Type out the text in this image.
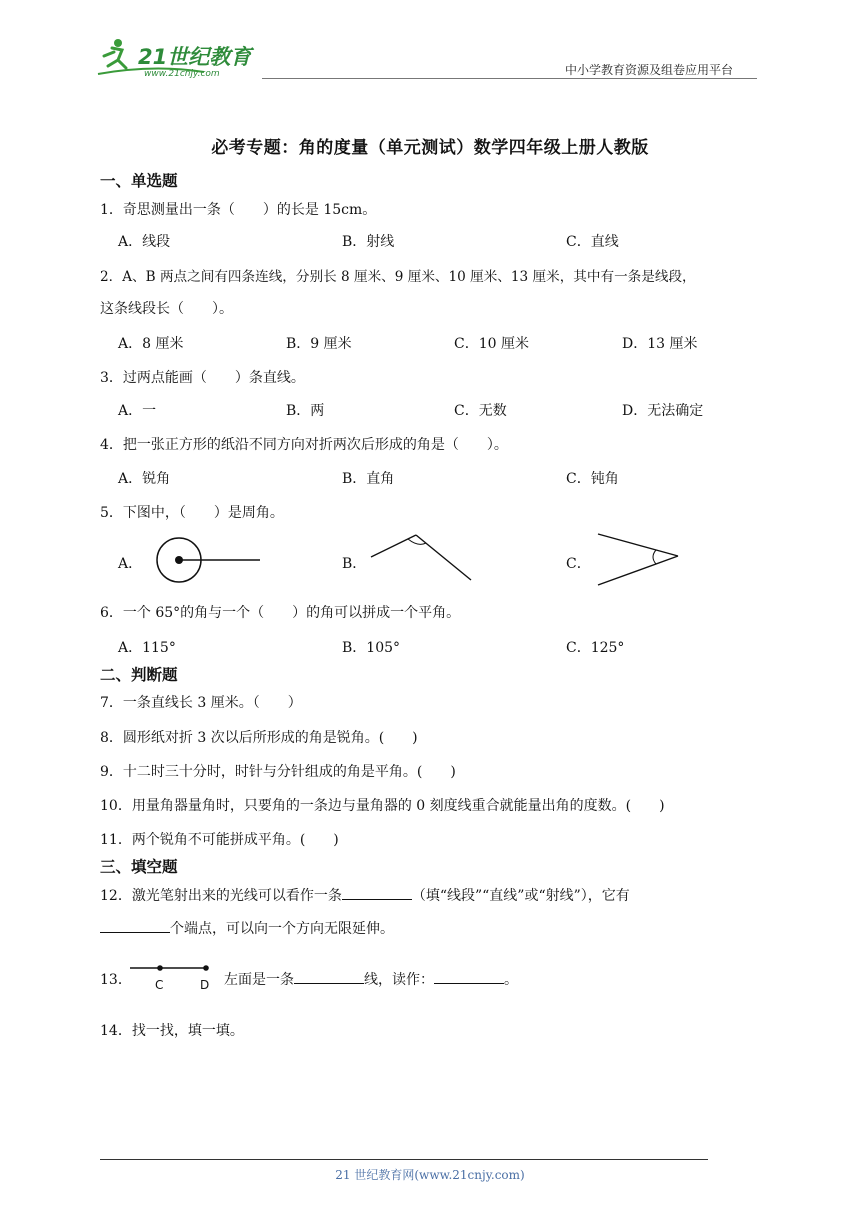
21世纪教育
www.21cnjy.com	中小学教育资源及组卷应用平台
必考专题：角的度量（单元测试）数学四年级上册人教版
一、单选题
1．奇思测量出一条（　　）的长是 15cm。
A．线段	B．射线	C．直线
2．A、B 两点之间有四条连线，分别长 8 厘米、9 厘米、10 厘米、13 厘米，其中有一条是线段，
这条线段长（　　）。
A．8 厘米	B．9 厘米	C．10 厘米	D．13 厘米
3．过两点能画（　　）条直线。
A．一	B．两	C．无数	D．无法确定
4．把一张正方形的纸沿不同方向对折两次后形成的角是（　　）。
A．锐角	B．直角	C．钝角
5．下图中，（　　）是周角。
A．	B．	C．
6．一个 65°的角与一个（　　）的角可以拼成一个平角。
A．115°	B．105°	C．125°
二、判断题
7．一条直线长 3 厘米。（　　）
8．圆形纸对折 3 次以后所形成的角是锐角。(　　)
9．十二时三十分时，时针与分针组成的角是平角。(　　)
10．用量角器量角时，只要角的一条边与量角器的 0 刻度线重合就能量出角的度数。(　　)
11．两个锐角不可能拼成平角。(　　)
三、填空题
12．激光笔射出来的光线可以看作一条	（填“线段”“直线”或“射线”），它有
个端点，可以向一个方向无限延伸。
13． C	D 左面是一条	线，读作：	。
14．找一找，填一填。
21 世纪教育网(www.21cnjy.com)
